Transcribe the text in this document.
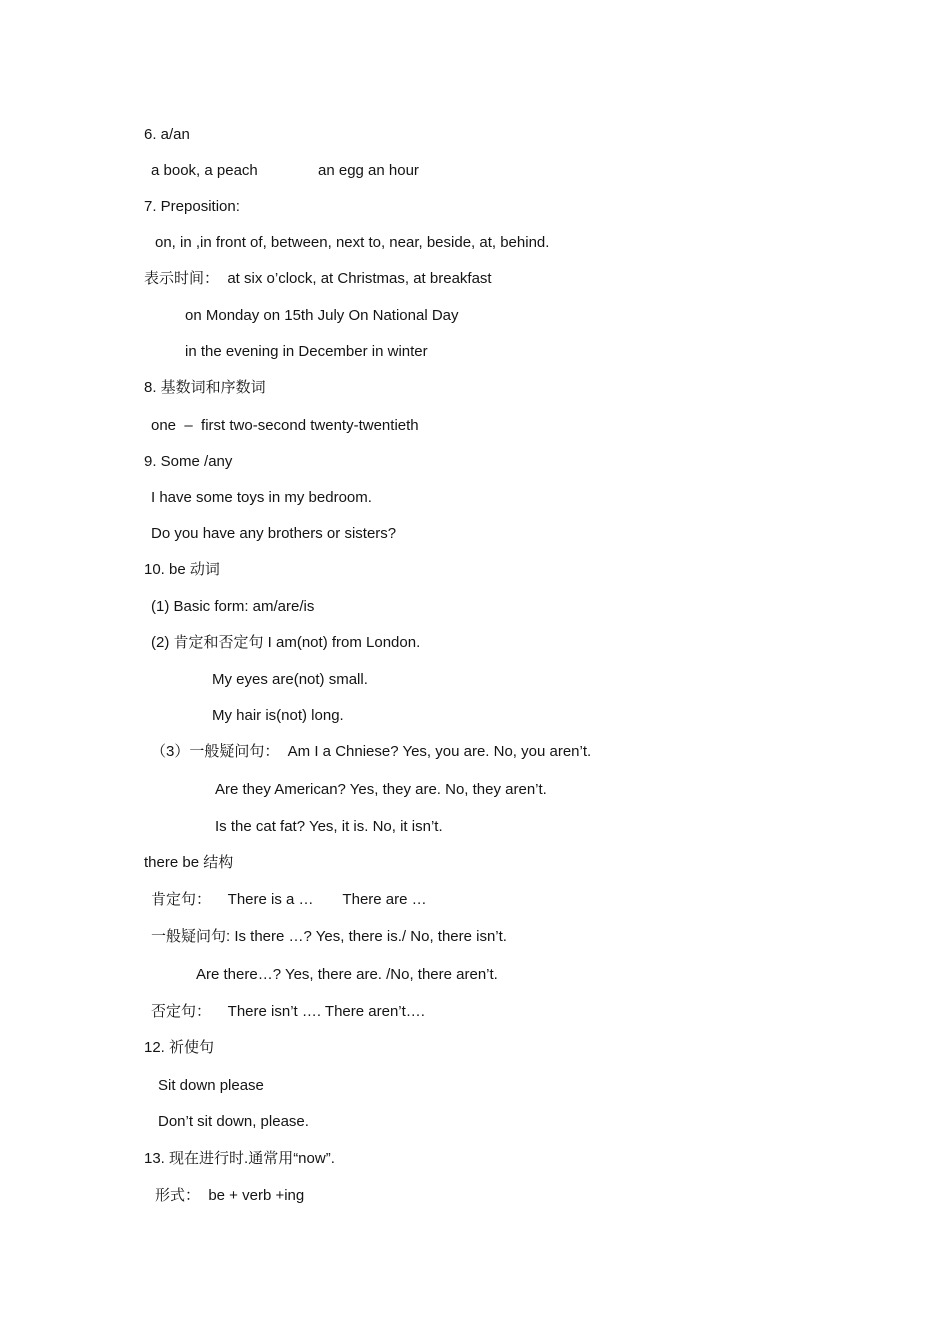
6. a/an
a book, a peach	an egg an hour
7. Preposition:
on, in ,in front of, between, next to, near, beside, at, behind.
表示时间：  at six o’clock, at Christmas, at breakfast
on Monday on 15th July On National Day
in the evening in December in winter
8. 基数词和序数词
one  –  first two-second twenty-twentieth
9. Some /any
I have some toys in my bedroom.
Do you have any brothers or sisters?
10. be 动词
(1) Basic form: am/are/is
(2) 肯定和否定句 I am(not) from London.
My eyes are(not) small.
My hair is(not) long.
（3）一般疑问句：  Am I a Chniese? Yes, you are. No, you aren’t.
Are they American? Yes, they are. No, they aren’t.
Is the cat fat? Yes, it is. No, it isn’t.
there be 结构
肯定句：    There is a …       There are …
一般疑问句: Is there …? Yes, there is./ No, there isn’t.
Are there…? Yes, there are. /No, there aren’t.
否定句：    There isn’t …. There aren’t….
12. 祈使句
Sit down please
Don’t sit down, please.
13. 现在进行时.通常用“now”.
形式：  be + verb +ing
